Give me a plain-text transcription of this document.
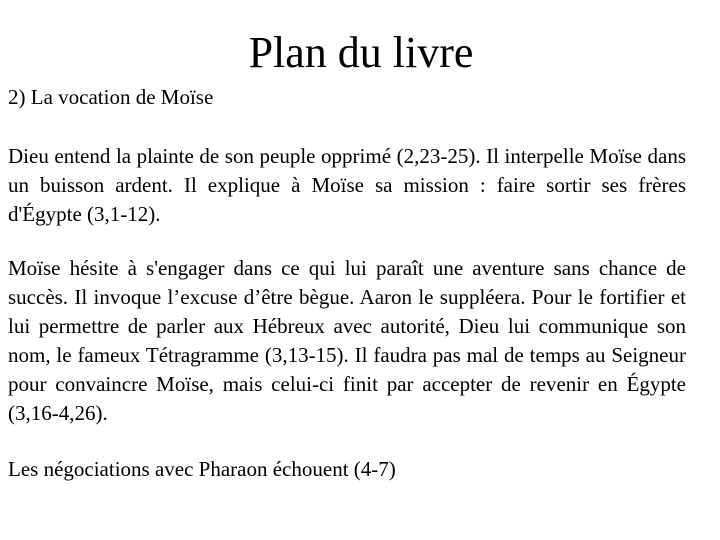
Plan du livre
2) La vocation de Moïse

Dieu entend la plainte de son peuple opprimé (2,23-25). Il interpelle Moïse dans un buisson ardent. Il explique à Moïse sa mission : faire sortir ses frères d'Égypte (3,1-12).

Moïse hésite à s'engager dans ce qui lui paraît une aventure sans chance de succès. Il invoque l’excuse d’être bègue. Aaron le suppléera. Pour le fortifier et lui permettre de parler aux Hébreux avec autorité, Dieu lui communique son nom, le fameux Tétragramme (3,13-15). Il faudra pas mal de temps au Seigneur pour convaincre Moïse, mais celui-ci finit par accepter de revenir en Égypte (3,16-4,26).

Les négociations avec Pharaon échouent (4-7)
